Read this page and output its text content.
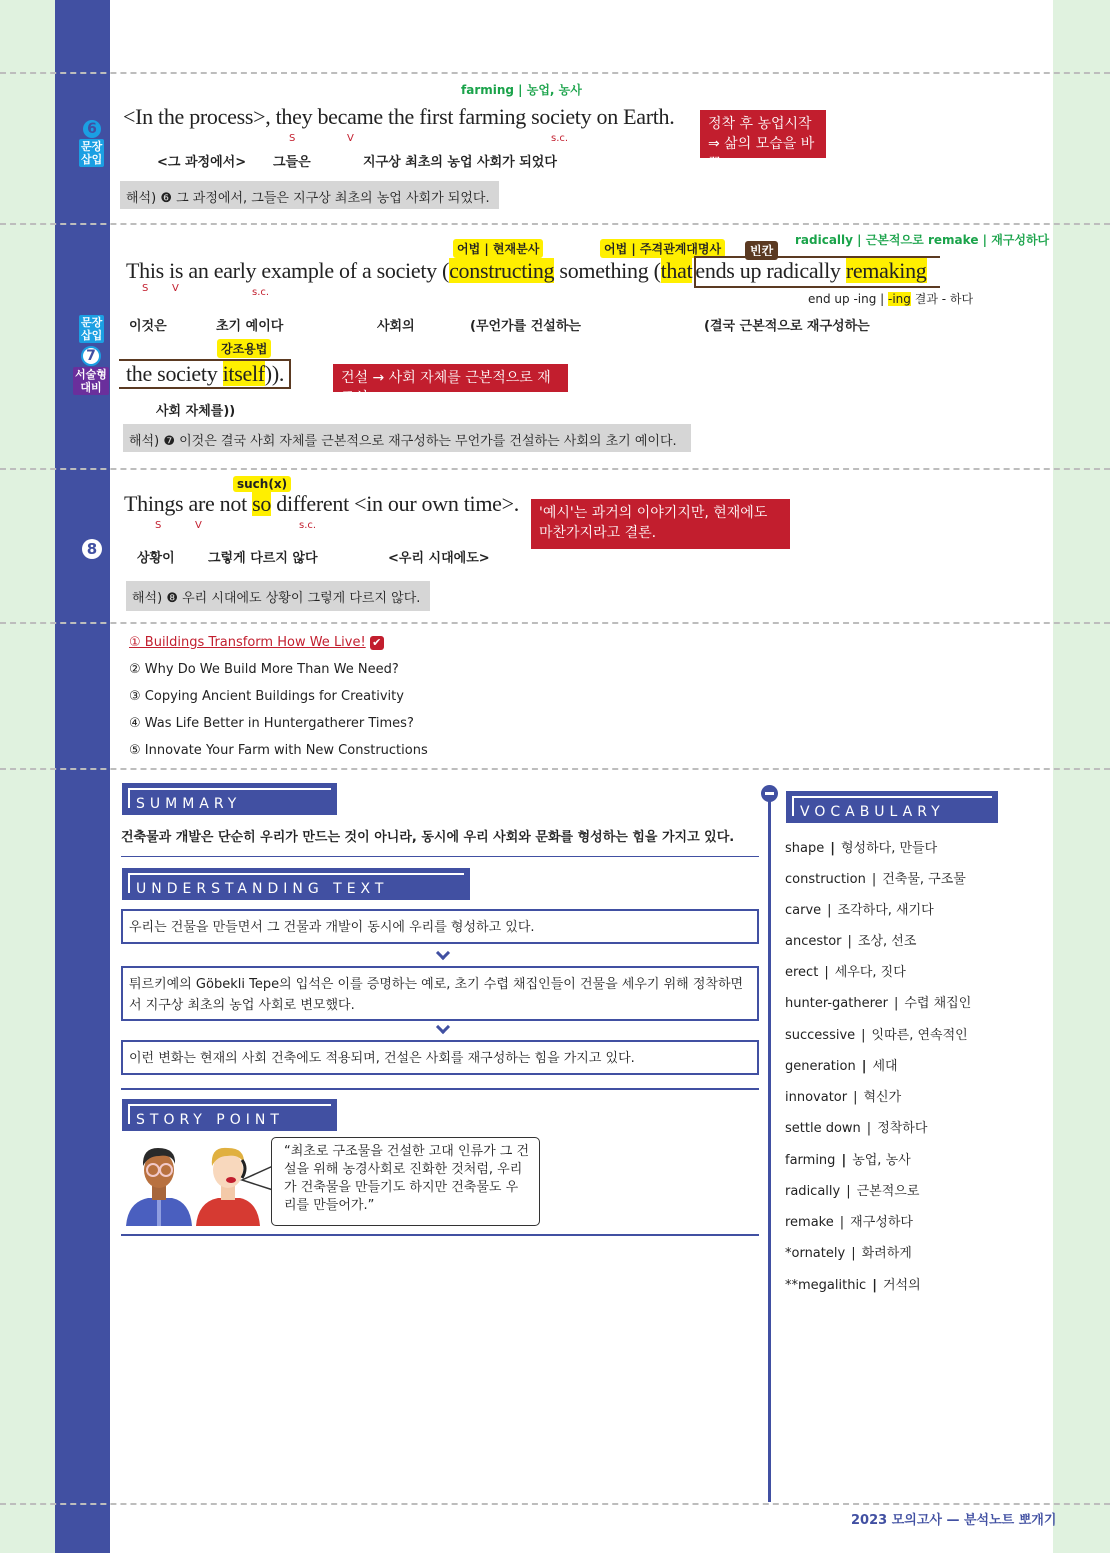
6
문장
삽입
farming | 농업, 농사
<In the process>, they became the first farming society on Earth.
S	V	s.c.
<그 과정에서> 그들은	지구상 최초의 농업 사회가 되었다
정착 후 농업시작
⇒ 삶의 모습을 바꿈
해석) ❻ 그 과정에서, 그들은 지구상 최초의 농업 사회가 되었다.
문장
삽입
7
서술형
대비
radically | 근본적으로 remake | 재구성하다
어법 | 현재분사	어법 | 주격관계대명사	빈칸
This is an early example of a society (constructing something (that ends up radically remaking
S V	s.c.	end up -ing | -ing 결과 - 하다
이것은	초기 예이다	사회의	(무언가를 건설하는	(결국 근본적으로 재구성하는
강조용법
the society itself)).	건설 → 사회 자체를 근본적으로 재구성
사회 자체를))
해석) ❼ 이것은 결국 사회 자체를 근본적으로 재구성하는 무언가를 건설하는 사회의 초기 예이다.
8
such(x)
Things are not so different <in our own time>.
S	V	s.c.
상황이	그렇게 다르지 않다	<우리 시대에도>
'예시'는 과거의 이야기지만, 현재에도 마찬가지라고 결론.
해석) ❽ 우리 시대에도 상황이 그렇게 다르지 않다.
① Buildings Transform How We Live! ✔
② Why Do We Build More Than We Need?
③ Copying Ancient Buildings for Creativity
④ Was Life Better in Huntergatherer Times?
⑤ Innovate Your Farm with New Constructions
SUMMARY
건축물과 개발은 단순히 우리가 만드는 것이 아니라, 동시에 우리 사회와 문화를 형성하는 힘을 가지고 있다.
UNDERSTANDING TEXT
우리는 건물을 만들면서 그 건물과 개발이 동시에 우리를 형성하고 있다.
튀르키예의 Göbekli Tepe의 입석은 이를 증명하는 예로, 초기 수렵 채집인들이 건물을 세우기 위해 정착하면서 지구상 최초의 농업 사회로 변모했다.
이런 변화는 현재의 사회 건축에도 적용되며, 건설은 사회를 재구성하는 힘을 가지고 있다.
STORY POINT
“최초로 구조물을 건설한 고대 인류가 그 건설을 위해 농경사회로 진화한 것처럼, 우리가 건축물을 만들기도 하지만 건축물도 우리를 만들어가.”
VOCABULARY
shape | 형성하다, 만들다
construction | 건축물, 구조물
carve | 조각하다, 새기다
ancestor | 조상, 선조
erect | 세우다, 짓다
hunter-gatherer | 수렵 채집인
successive | 잇따른, 연속적인
generation | 세대
innovator | 혁신가
settle down | 정착하다
farming | 농업, 농사
radically | 근본적으로
remake | 재구성하다
*ornately | 화려하게
**megalithic | 거석의
2023 모의고사 — 분석노트 뽀개기
